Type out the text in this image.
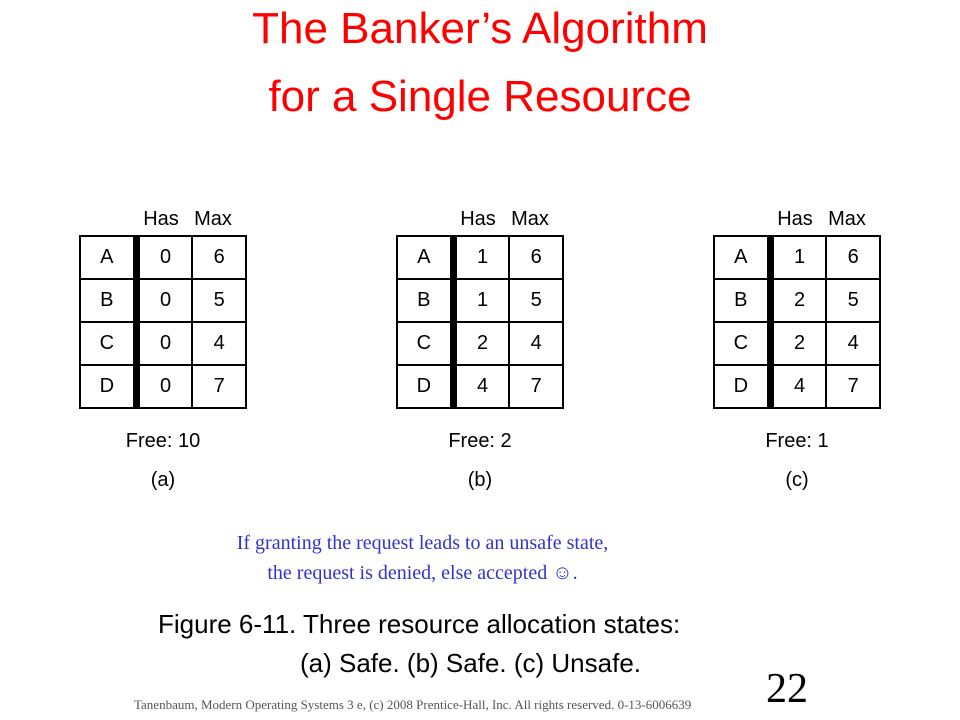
The Banker’s Algorithm
for a Single Resource
Has Max
A	0	6
B	0	5
C	0	4
D	0	7
Free: 10
(a)
Has Max
A	1	6
B	1	5
C	2	4
D	4	7
Free: 2
(b)
Has Max
A	1	6
B	2	5
C	2	4
D	4	7
Free: 1
(c)
If granting the request leads to an unsafe state,
the request is denied, else accepted ☺.
Figure 6-11. Three resource allocation states:
(a) Safe. (b) Safe. (c) Unsafe.
Tanenbaum, Modern Operating Systems 3 e, (c) 2008 Prentice-Hall, Inc. All rights reserved. 0-13-6006639 22
